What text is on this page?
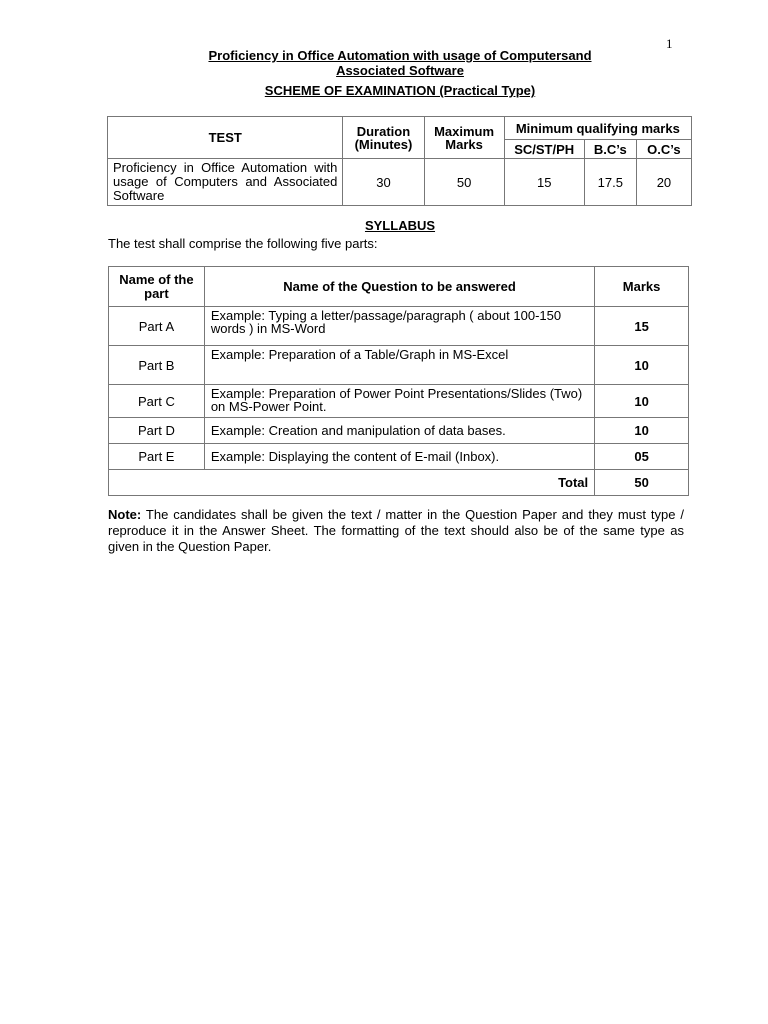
1
Proficiency in Office Automation with usage of Computersand
Associated Software
SCHEME OF EXAMINATION (Practical Type)
TEST	Duration (Minutes)	Maximum Marks	Minimum qualifying marks		
			SC/ST/PH	B.C’s	O.C’s
Proficiency in Office Automation with usage of Computers and Associated Software	30	50	15	17.5	20
SYLLABUS
The test shall comprise the following five parts:
Name of the part	Name of the Question to be answered	Marks
Part A	Example: Typing a letter/passage/paragraph ( about 100-150 words ) in MS-Word	15
Part B	Example: Preparation of a Table/Graph in MS-Excel	10
Part C	Example: Preparation of Power Point Presentations/Slides (Two) on MS-Power Point.	10
Part D	Example: Creation and manipulation of data bases.	10
Part E	Example: Displaying the content of E-mail (Inbox).	05
Total		50
Note: The candidates shall be given the text / matter in the Question Paper and they must type / reproduce it in the Answer Sheet. The formatting of the text should also be of the same type as given in the Question Paper.
